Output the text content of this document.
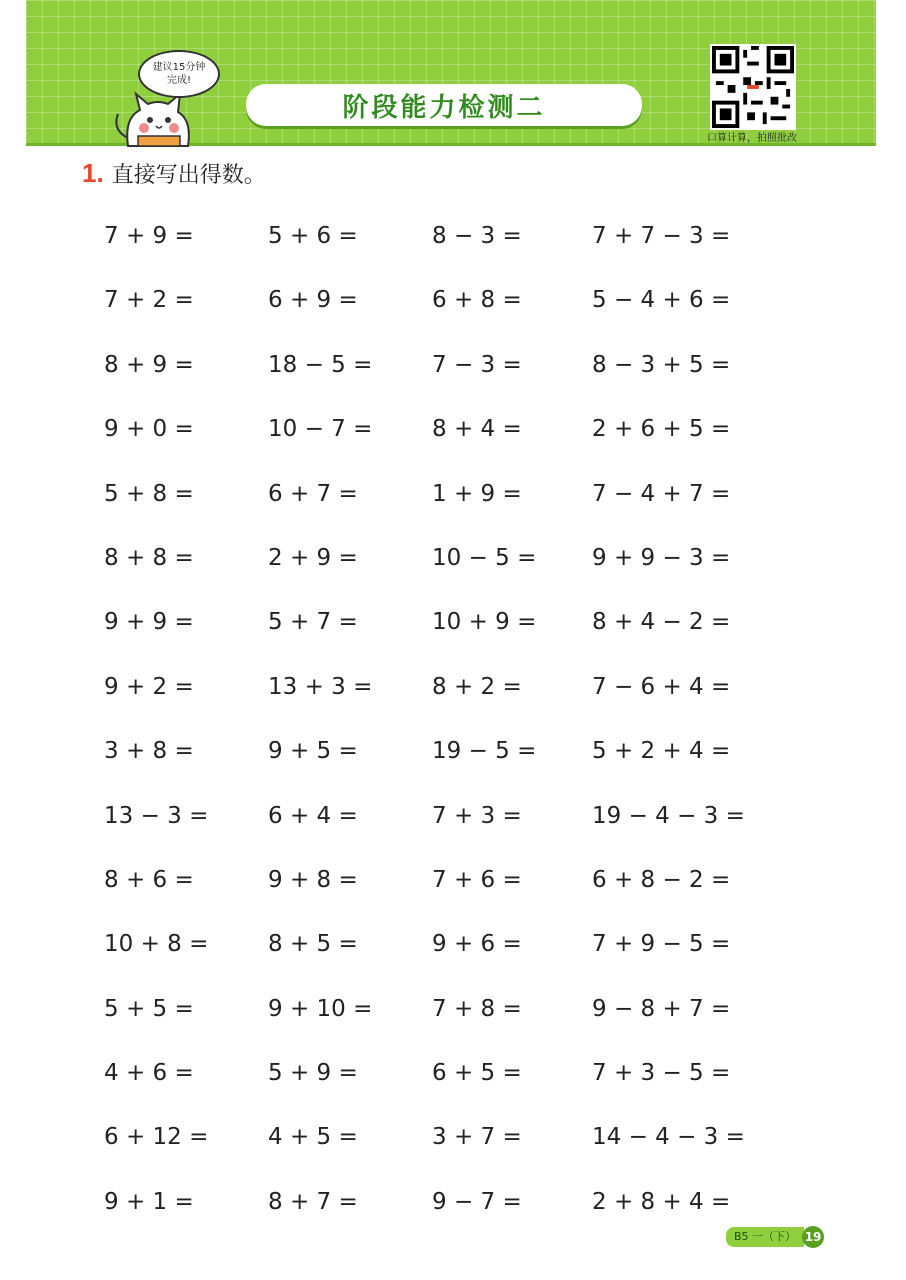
建议15分钟
完成!
阶段能力检测二
口算计算，拍照批改
1. 直接写出得数。
7 + 9 =	5 + 6 =	8 − 3 =	7 + 7 − 3 =
7 + 2 =	6 + 9 =	6 + 8 =	5 − 4 + 6 =
8 + 9 =	18 − 5 =	7 − 3 =	8 − 3 + 5 =
9 + 0 =	10 − 7 =	8 + 4 =	2 + 6 + 5 =
5 + 8 =	6 + 7 =	1 + 9 =	7 − 4 + 7 =
8 + 8 =	2 + 9 =	10 − 5 =	9 + 9 − 3 =
9 + 9 =	5 + 7 =	10 + 9 =	8 + 4 − 2 =
9 + 2 =	13 + 3 =	8 + 2 =	7 − 6 + 4 =
3 + 8 =	9 + 5 =	19 − 5 =	5 + 2 + 4 =
13 − 3 =	6 + 4 =	7 + 3 =	19 − 4 − 3 =
8 + 6 =	9 + 8 =	7 + 6 =	6 + 8 − 2 =
10 + 8 =	8 + 5 =	9 + 6 =	7 + 9 − 5 =
5 + 5 =	9 + 10 =	7 + 8 =	9 − 8 + 7 =
4 + 6 =	5 + 9 =	6 + 5 =	7 + 3 − 5 =
6 + 12 =	4 + 5 =	3 + 7 =	14 − 4 − 3 =
9 + 1 =	8 + 7 =	9 − 7 =	2 + 8 + 4 =
B5 一（下） 19
